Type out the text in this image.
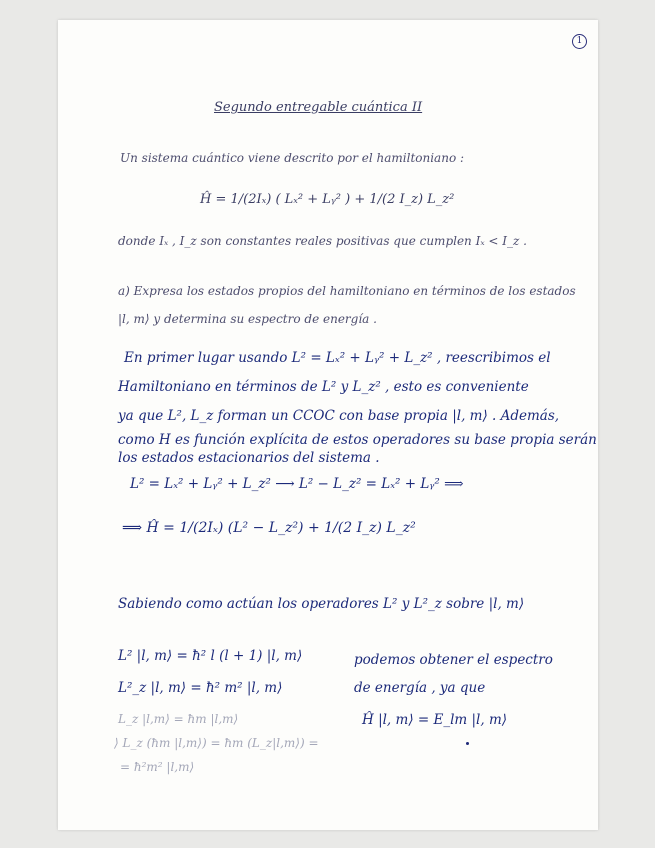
1
Segundo entregable cuántica II
Un sistema cuántico viene descrito por el hamiltoniano :
Ĥ = 1/(2Iₓ) ( Lₓ² + Lᵧ² ) + 1/(2 I_z) L_z²
donde Iₓ , I_z son constantes reales positivas que cumplen Iₓ < I_z .
a) Expresa los estados propios del hamiltoniano en términos de los estados
|l, m⟩ y determina su espectro de energía .
En primer lugar usando L² = Lₓ² + Lᵧ² + L_z² , reescribimos el
Hamiltoniano en términos de L² y L_z² , esto es conveniente
ya que L², L_z forman un CCOC con base propia |l, m⟩ . Además,
como H es función explícita de estos operadores su base propia serán
los estados estacionarios del sistema .
L² = Lₓ² + Lᵧ² + L_z² ⟶ L² − L_z² = Lₓ² + Lᵧ² ⟹
⟹ Ĥ = 1/(2Iₓ) (L² − L_z²) + 1/(2 I_z) L_z²
Sabiendo como actúan los operadores L² y L²_z sobre |l, m⟩
L² |l, m⟩ = ħ² l (l + 1) |l, m⟩
L²_z |l, m⟩ = ħ² m² |l, m⟩
podemos obtener el espectro
de energía , ya que
Ĥ |l, m⟩ = E_lm |l, m⟩
L_z |l,m⟩ = ħm |l,m⟩
⟩ L_z (ħm |l,m⟩) = ħm (L_z|l,m⟩) =
= ħ²m² |l,m⟩
